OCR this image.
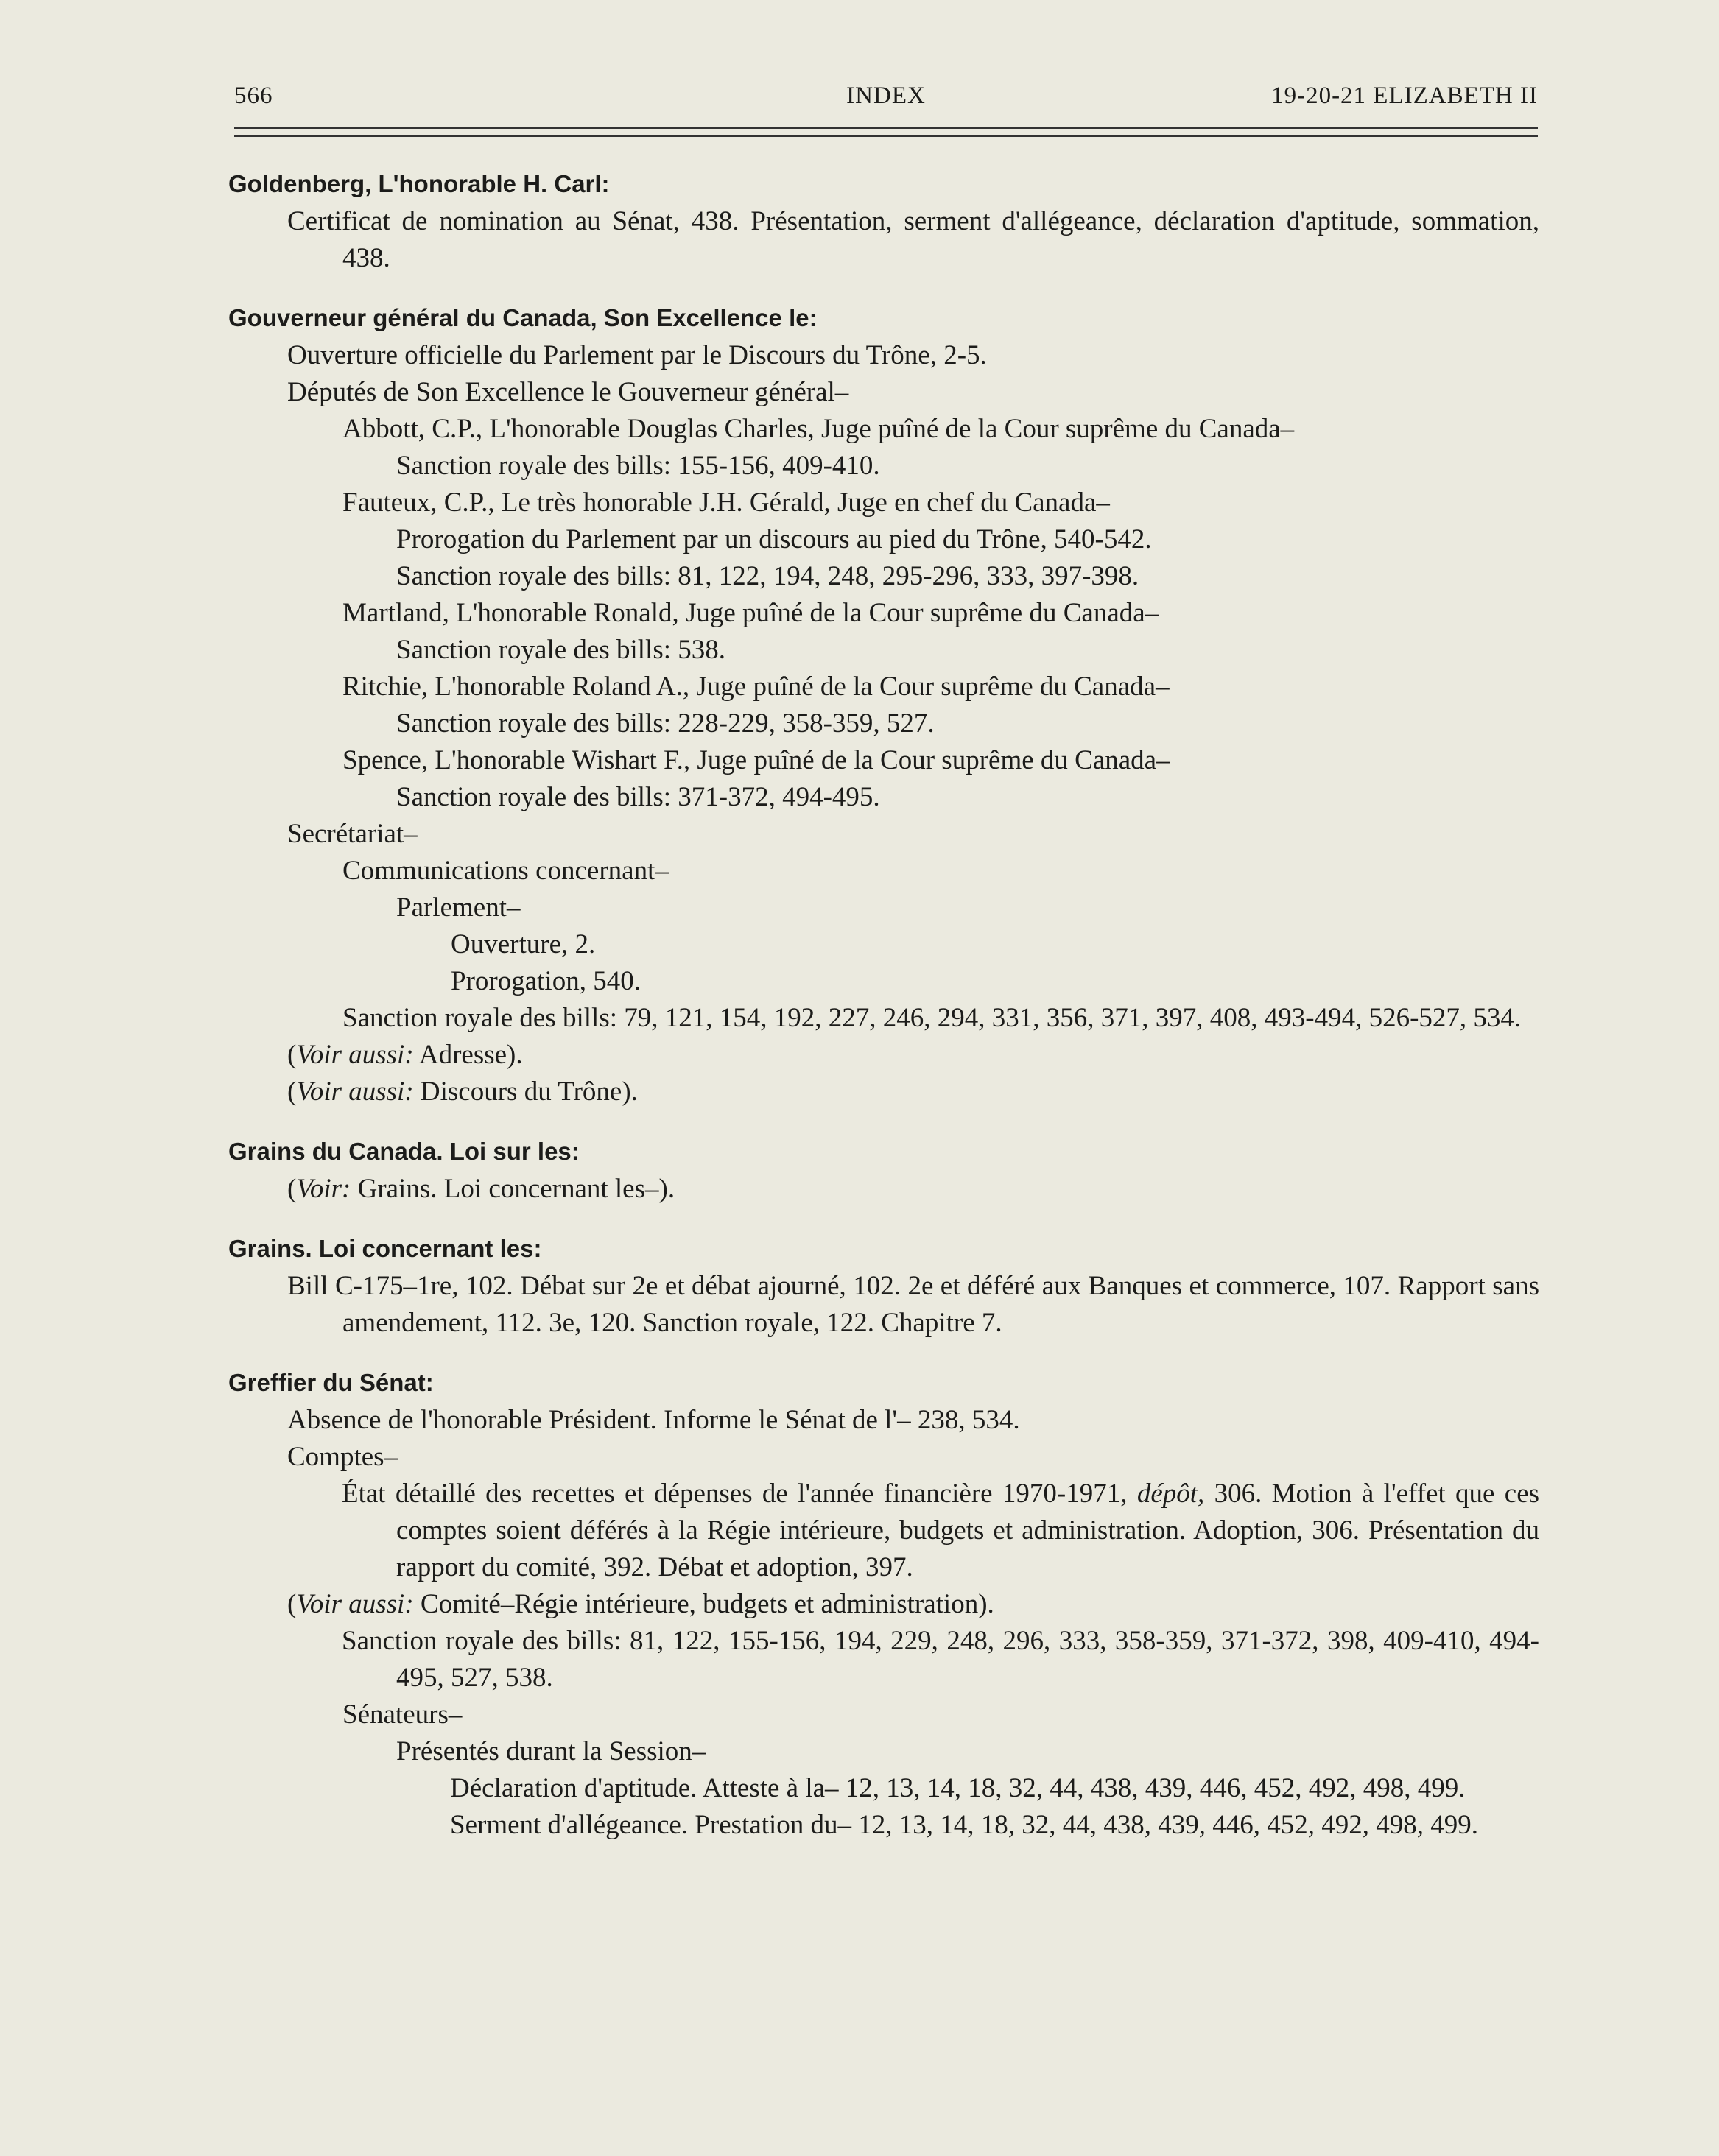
566	INDEX	19-20-21 ELIZABETH II
Goldenberg, L'honorable H. Carl:
Certificat de nomination au Sénat, 438. Présentation, serment d'allégeance, déclaration d'aptitude, sommation, 438.
Gouverneur général du Canada, Son Excellence le:
Ouverture officielle du Parlement par le Discours du Trône, 2-5.
Députés de Son Excellence le Gouverneur général–
Abbott, C.P., L'honorable Douglas Charles, Juge puîné de la Cour suprême du Canada–
Sanction royale des bills: 155-156, 409-410.
Fauteux, C.P., Le très honorable J.H. Gérald, Juge en chef du Canada–
Prorogation du Parlement par un discours au pied du Trône, 540-542.
Sanction royale des bills: 81, 122, 194, 248, 295-296, 333, 397-398.
Martland, L'honorable Ronald, Juge puîné de la Cour suprême du Canada–
Sanction royale des bills: 538.
Ritchie, L'honorable Roland A., Juge puîné de la Cour suprême du Canada–
Sanction royale des bills: 228-229, 358-359, 527.
Spence, L'honorable Wishart F., Juge puîné de la Cour suprême du Canada–
Sanction royale des bills: 371-372, 494-495.
Secrétariat–
Communications concernant–
Parlement–
Ouverture, 2.
Prorogation, 540.
Sanction royale des bills: 79, 121, 154, 192, 227, 246, 294, 331, 356, 371, 397, 408, 493-494, 526-527, 534.
(Voir aussi: Adresse).
(Voir aussi: Discours du Trône).
Grains du Canada. Loi sur les:
(Voir: Grains. Loi concernant les–).
Grains. Loi concernant les:
Bill C-175–1re, 102. Débat sur 2e et débat ajourné, 102. 2e et déféré aux Banques et commerce, 107. Rapport sans amendement, 112. 3e, 120. Sanction royale, 122. Chapitre 7.
Greffier du Sénat:
Absence de l'honorable Président. Informe le Sénat de l'– 238, 534.
Comptes–
État détaillé des recettes et dépenses de l'année financière 1970-1971, dépôt, 306. Motion à l'effet que ces comptes soient déférés à la Régie intérieure, budgets et administration. Adoption, 306. Présentation du rapport du comité, 392. Débat et adoption, 397.
(Voir aussi: Comité–Régie intérieure, budgets et administration).
Sanction royale des bills: 81, 122, 155-156, 194, 229, 248, 296, 333, 358-359, 371-372, 398, 409-410, 494-495, 527, 538.
Sénateurs–
Présentés durant la Session–
Déclaration d'aptitude. Atteste à la– 12, 13, 14, 18, 32, 44, 438, 439, 446, 452, 492, 498, 499.
Serment d'allégeance. Prestation du– 12, 13, 14, 18, 32, 44, 438, 439, 446, 452, 492, 498, 499.
